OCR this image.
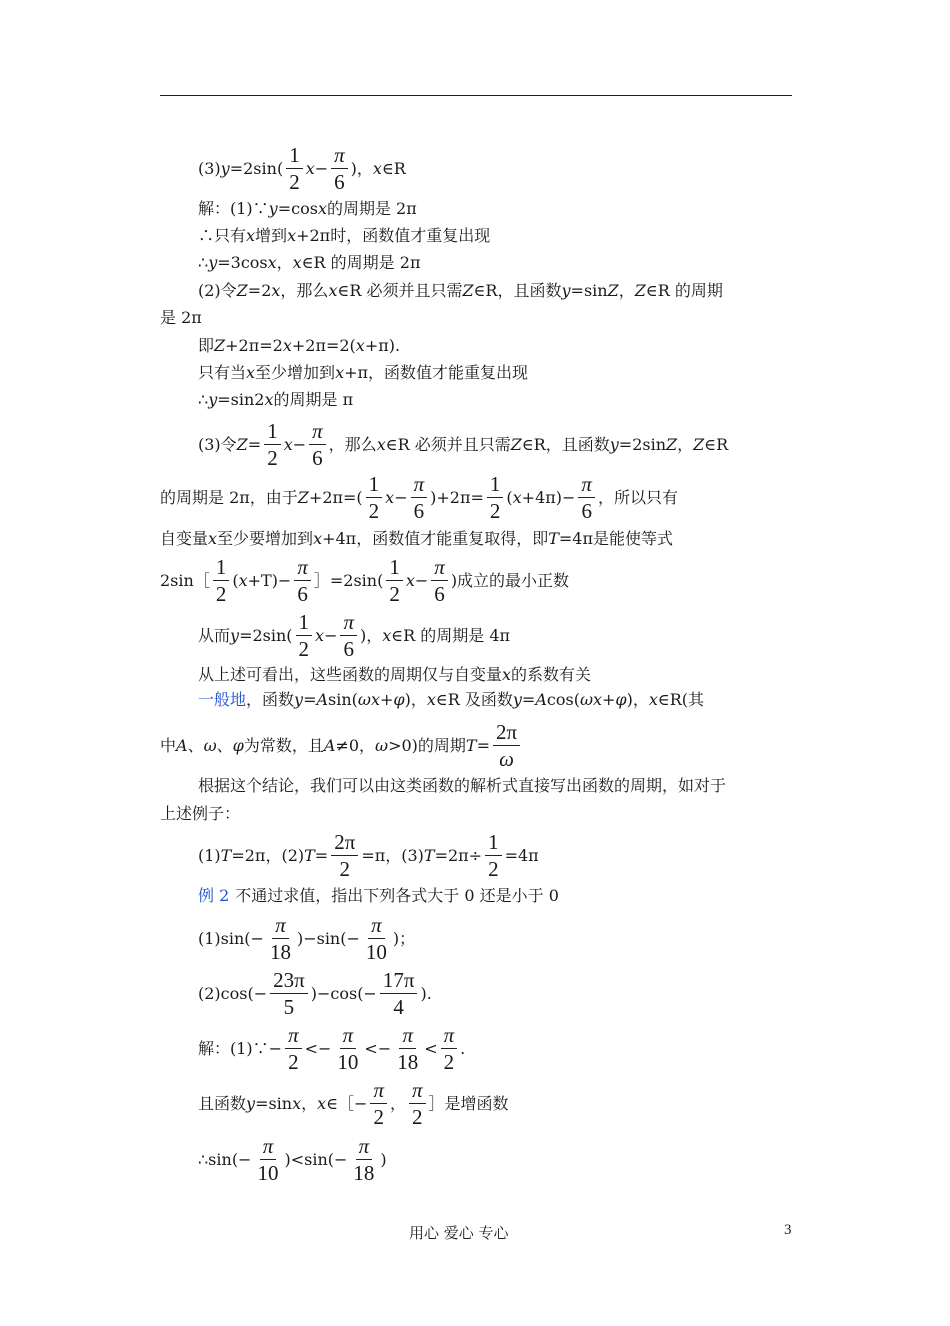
(3) y =2sin(
1
2
$x - \frac{\pi}{6}$ )， x ∈R
解：(1)∵ y =cos x 的周期是 2π
∴只有 x 增到 x +2π时，函数值才重复出现
∴ y =3cos x ， x ∈R 的周期是 2π
(2)令 Z =2 x ，那么 x ∈R 必须并且只需 Z ∈R，且函数 y =sin Z ， Z ∈R 的周期
是 2π
即 Z +2π=2 x +2π=2( x +π).
只有当 x 至少增加到 x +π，函数值才能重复出现
∴ y =sin2 x 的周期是 π
(3)令 $Z = \frac{1}{2}$ $x - \frac{\pi}{6}$ ，那么 x ∈R 必须并且只需 Z ∈R，且函数 y =2sin Z ， Z ∈R
的周期是 2π，由于 Z +2π=(
1
2
$x - \frac{\pi}{6} )+2\pi= \frac{1}{2}$ ( $x +4\pi)- \frac{\pi}{6}$ ，所以只有
自变量 x 至少要增加到 x +4π，函数值才能重复取得，即 T =4π是能使等式
2sin［
1
2
( $x +T)- \frac{\pi}{6}$ ］=2sin(
1
2
$x - \frac{\pi}{6}$ )成立的最小正数
从而 y =2sin(
1
2
$x - \frac{\pi}{6}$ )， x ∈R 的周期是 4π
从上述可看出，这些函数的周期仅与自变量 x 的系数有关
一般地 ，函数 y = A sin( ωx + φ )， x ∈R 及函数 y = A cos( ωx + φ )， x ∈R(其
中 A 、 ω 、 φ 为常数，且 A ≠0， ω >0)的周期 $T = \frac{2\pi}{\omega}$
根据这个结论，我们可以由这类函数的解析式直接写出函数的周期，如对于
上述例子：
(1) T =2π，(2) $T = \frac{2\pi}{2} =\pi$，(3) $T =2\pi\div \frac{1}{2} =4\pi$
例 2 不通过求值，指出下列各式大于 0 还是小于 0
$(1)\sin(- \frac{\pi}{18} )-\sin(- \frac{\pi}{10}$ )；
$(2)\cos(- \frac{23\pi}{5} )-\cos(- \frac{17\pi}{4}$ ).
解：(1)∵− $\frac{\pi}{2} <- \frac{\pi}{10} <- \frac{\pi}{18}$ <
π
2
.
且函数 y =sin x ， x ∈［− $\frac{\pi}{2}$ ，
π
2
］是增函数
∴sin(− $\frac{\pi}{10} )<\sin(- \frac{\pi}{18}$ )
用心 爱心 专心	3
